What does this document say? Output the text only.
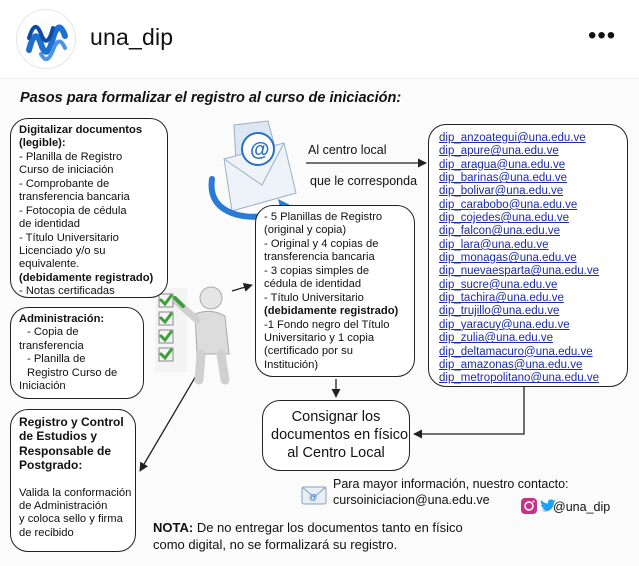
una_dip	•••
Pasos para formalizar el registro al curso de iniciación:
@
Digitalizar documentos
(legible):
- Planilla de Registro
Curso de iniciación
- Comprobante de
transferencia bancaria
- Fotocopia de cédula
de identidad
- Título Universitario
Licenciado y/o su
equivalente.
(debidamente registrado)
- Notas certificadas
Administración:
- Copia de
transferencia
- Planilla de
Registro Curso de
Iniciación
Registro y Control
de Estudios y
Responsable de
Postgrado:
Valida la conformación
de Administración
y coloca sello y firma
de recibido
- 5 Planillas de Registro
(original y copia)
- Original y 4 copias de
transferencia bancaria
- 3 copias simples de
cédula de identidad
- Título Universitario
(debidamente registrado)
-1 Fondo negro del Título
Universitario y 1 copia
(certificado por su
Institución)
Al centro local
que le corresponda
Consignar los
documentos en físico
al Centro Local
dip_anzoategui@una.edu.ve
dip_apure@una.edu.ve
dip_aragua@una.edu.ve
dip_barinas@una.edu.ve
dip_bolivar@una.edu.ve
dip_carabobo@una.edu.ve
dip_cojedes@una.edu.ve
dip_falcon@una.edu.ve
dip_lara@una.edu.ve
dip_monagas@una.edu.ve
dip_nuevaesparta@una.edu.ve
dip_sucre@una.edu.ve
dip_tachira@una.edu.ve
dip_trujillo@una.edu.ve
dip_yaracuy@una.edu.ve
dip_zulia@una.edu.ve
dip_deltamacuro@una.edu.ve
dip_amazonas@una.edu.ve
dip_metropolitano@una.edu.ve
@
Para mayor información, nuestro contacto:
cursoiniciacion@una.edu.ve	@una_dip
NOTA: De no entregar los documentos tanto en físico
como digital, no se formalizará su registro.
